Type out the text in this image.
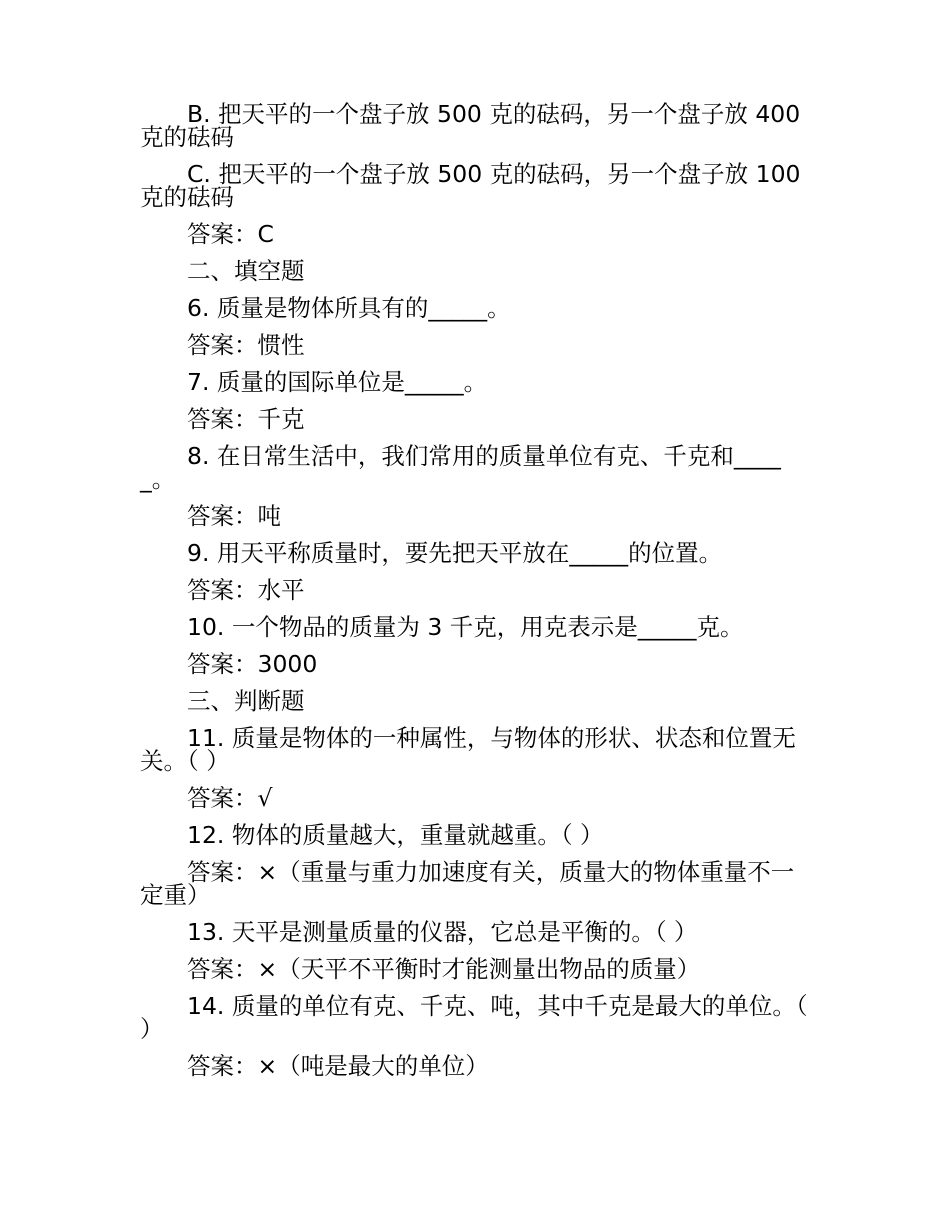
B. 把天平的一个盘子放 500 克的砝码，另一个盘子放 400 克的砝码

C. 把天平的一个盘子放 500 克的砝码，另一个盘子放 100 克的砝码

答案：C

二、填空题

6. 质量是物体所具有的_____。

答案：惯性

7. 质量的国际单位是_____。

答案：千克

8. 在日常生活中，我们常用的质量单位有克、千克和_____。

答案：吨

9. 用天平称质量时，要先把天平放在_____的位置。

答案：水平

10. 一个物品的质量为 3 千克，用克表示是_____克。

答案：3000

三、判断题

11. 质量是物体的一种属性，与物体的形状、状态和位置无关。（ ）

答案：√

12. 物体的质量越大，重量就越重。（ ）

答案：×（重量与重力加速度有关，质量大的物体重量不一定重）

13. 天平是测量质量的仪器，它总是平衡的。（ ）

答案：×（天平不平衡时才能测量出物品的质量）

14. 质量的单位有克、千克、吨，其中千克是最大的单位。（ ）

答案：×（吨是最大的单位）
